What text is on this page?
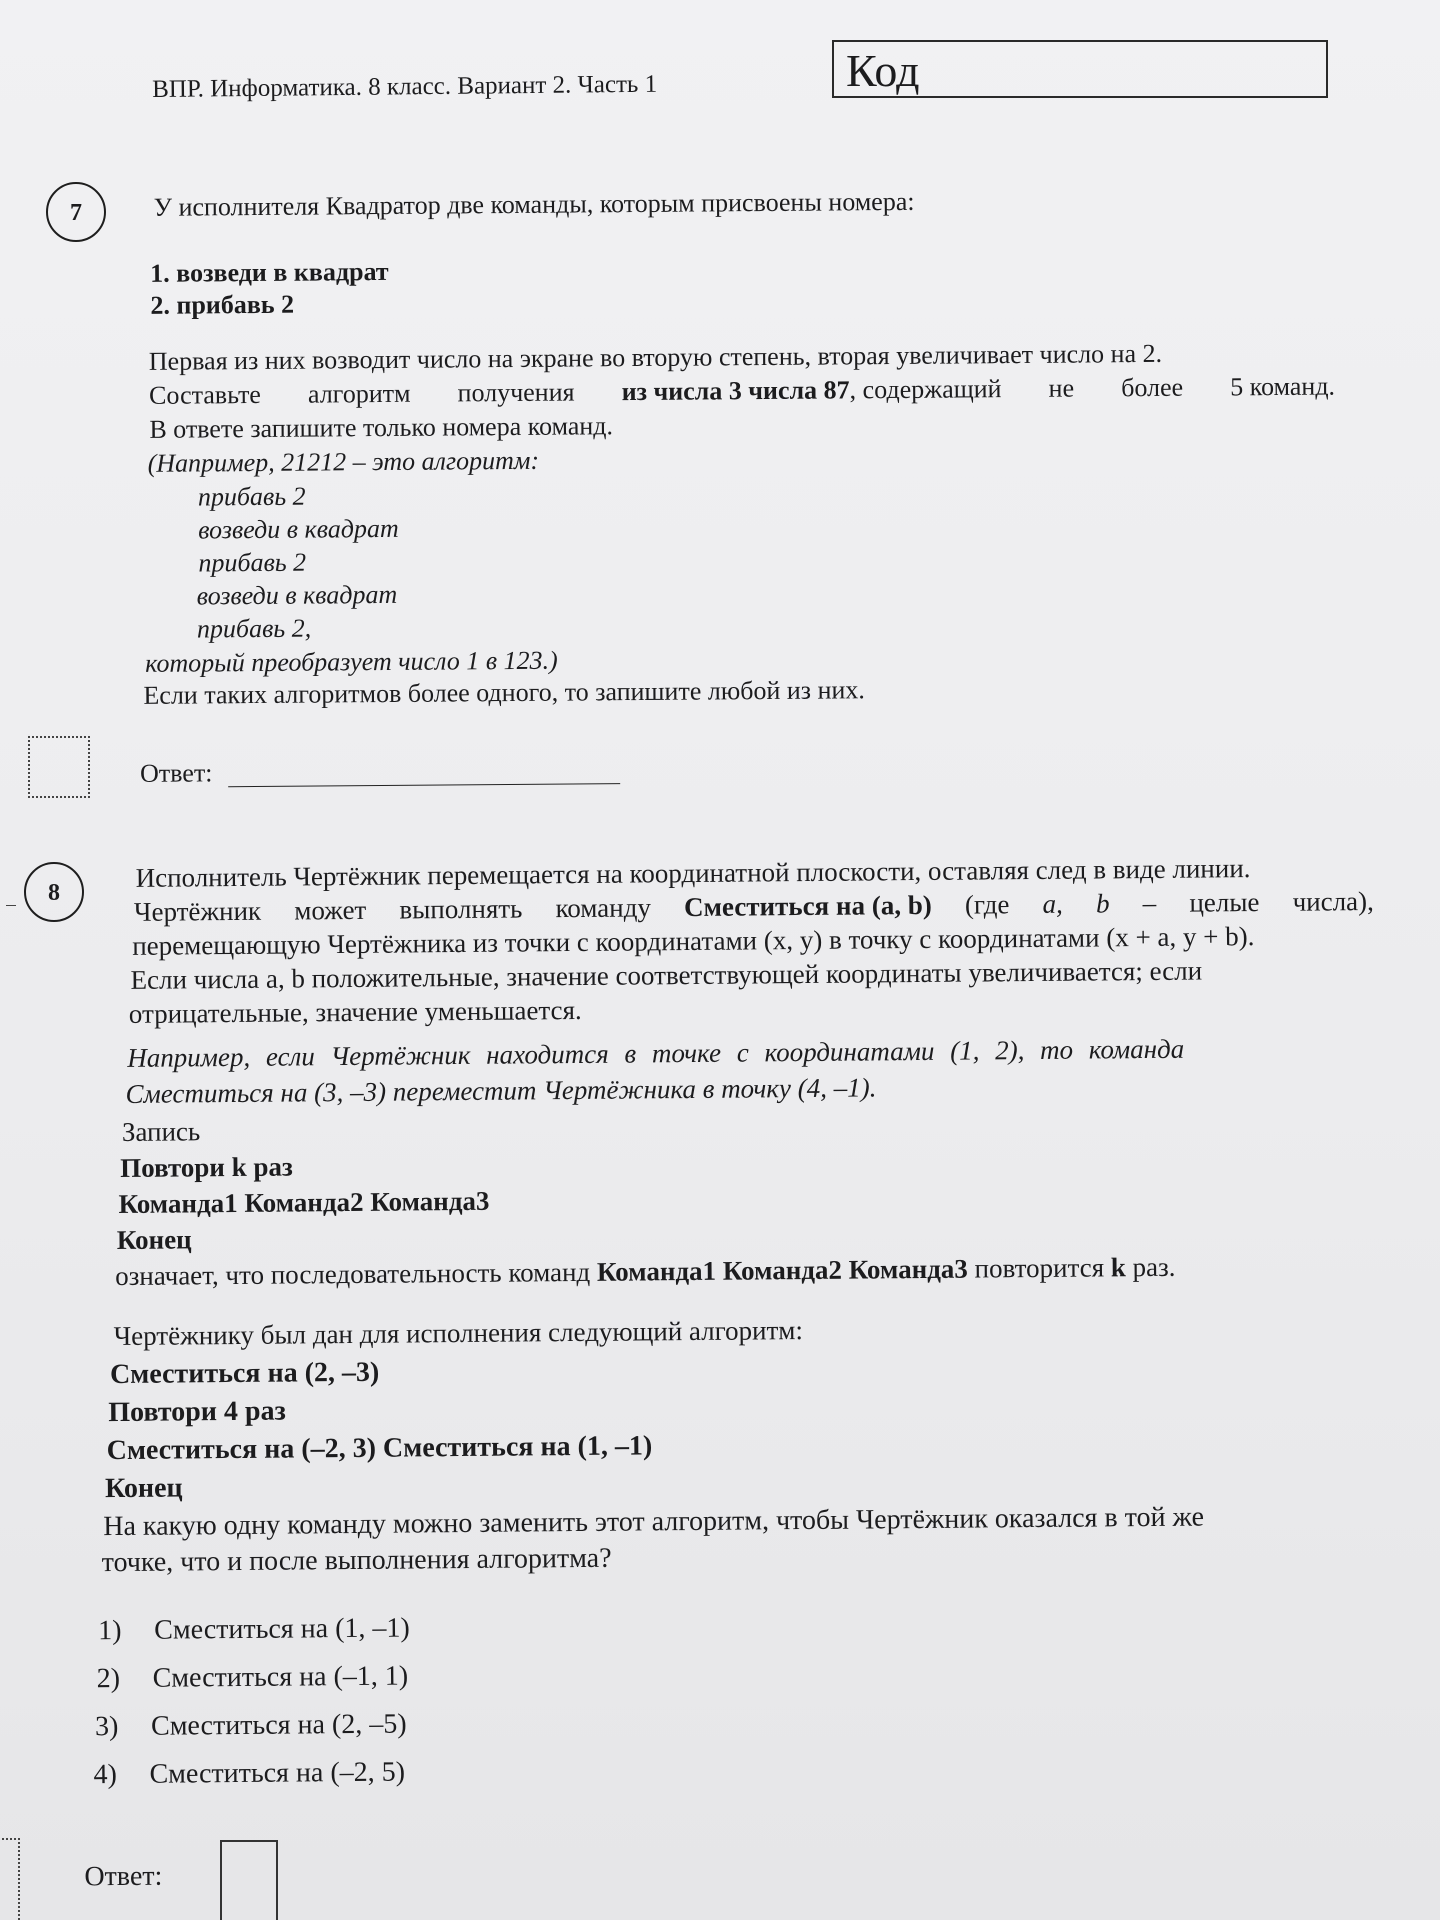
ВПР. Информатика. 8 класс. Вариант 2. Часть 1	Код
7	У исполнителя Квадратор две команды, которым присвоены номера:
1. возведи в квадрат
2. прибавь 2
Первая из них возводит число на экране во вторую степень, вторая увеличивает число на 2.
Составьте алгоритм получения из числа 3 числа 87, содержащий не более 5 команд.
В ответе запишите только номера команд.
(Например, 21212 – это алгоритм:
прибавь 2
возведи в квадрат
прибавь 2
возведи в квадрат
прибавь 2,
который преобразует число 1 в 123.)
Если таких алгоритмов более одного, то запишите любой из них.
Ответ:
8
Исполнитель Чертёжник перемещается на координатной плоскости, оставляя след в виде линии.
Чертёжник может выполнять команду Сместиться на (a, b) (где a, b – целые числа),
перемещающую Чертёжника из точки с координатами (x, y) в точку с координатами (x + a, y + b).
Если числа a, b положительные, значение соответствующей координаты увеличивается; если
отрицательные, значение уменьшается.
Например, если Чертёжник находится в точке с координатами (1, 2), то команда
Сместиться на (3, –3) переместит Чертёжника в точку (4, –1).
Запись
Повтори k раз
Команда1 Команда2 Команда3
Конец
означает, что последовательность команд Команда1 Команда2 Команда3 повторится k раз.
Чертёжнику был дан для исполнения следующий алгоритм:
Сместиться на (2, –3)
Повтори 4 раз
Сместиться на (–2, 3) Сместиться на (1, –1)
Конец
На какую одну команду можно заменить этот алгоритм, чтобы Чертёжник оказался в той же
точке, что и после выполнения алгоритма?
1) Сместиться на (1, –1)
2) Сместиться на (–1, 1)
3) Сместиться на (2, –5)
4) Сместиться на (–2, 5)
Ответ:
